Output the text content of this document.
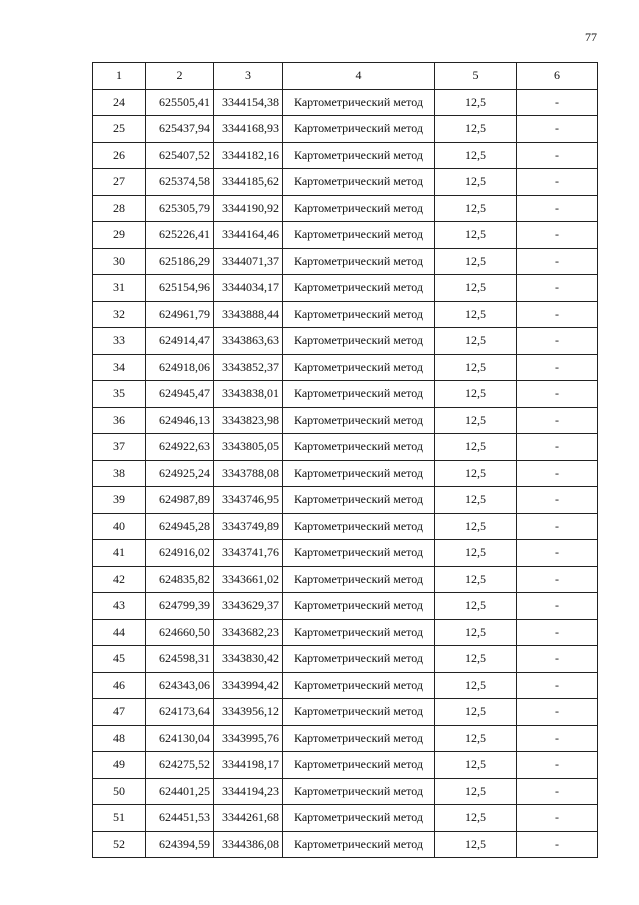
77
1	2	3	4	5	6
24	625505,41	3344154,38	Картометрический метод	12,5	-
25	625437,94	3344168,93	Картометрический метод	12,5	-
26	625407,52	3344182,16	Картометрический метод	12,5	-
27	625374,58	3344185,62	Картометрический метод	12,5	-
28	625305,79	3344190,92	Картометрический метод	12,5	-
29	625226,41	3344164,46	Картометрический метод	12,5	-
30	625186,29	3344071,37	Картометрический метод	12,5	-
31	625154,96	3344034,17	Картометрический метод	12,5	-
32	624961,79	3343888,44	Картометрический метод	12,5	-
33	624914,47	3343863,63	Картометрический метод	12,5	-
34	624918,06	3343852,37	Картометрический метод	12,5	-
35	624945,47	3343838,01	Картометрический метод	12,5	-
36	624946,13	3343823,98	Картометрический метод	12,5	-
37	624922,63	3343805,05	Картометрический метод	12,5	-
38	624925,24	3343788,08	Картометрический метод	12,5	-
39	624987,89	3343746,95	Картометрический метод	12,5	-
40	624945,28	3343749,89	Картометрический метод	12,5	-
41	624916,02	3343741,76	Картометрический метод	12,5	-
42	624835,82	3343661,02	Картометрический метод	12,5	-
43	624799,39	3343629,37	Картометрический метод	12,5	-
44	624660,50	3343682,23	Картометрический метод	12,5	-
45	624598,31	3343830,42	Картометрический метод	12,5	-
46	624343,06	3343994,42	Картометрический метод	12,5	-
47	624173,64	3343956,12	Картометрический метод	12,5	-
48	624130,04	3343995,76	Картометрический метод	12,5	-
49	624275,52	3344198,17	Картометрический метод	12,5	-
50	624401,25	3344194,23	Картометрический метод	12,5	-
51	624451,53	3344261,68	Картометрический метод	12,5	-
52	624394,59	3344386,08	Картометрический метод	12,5	-
